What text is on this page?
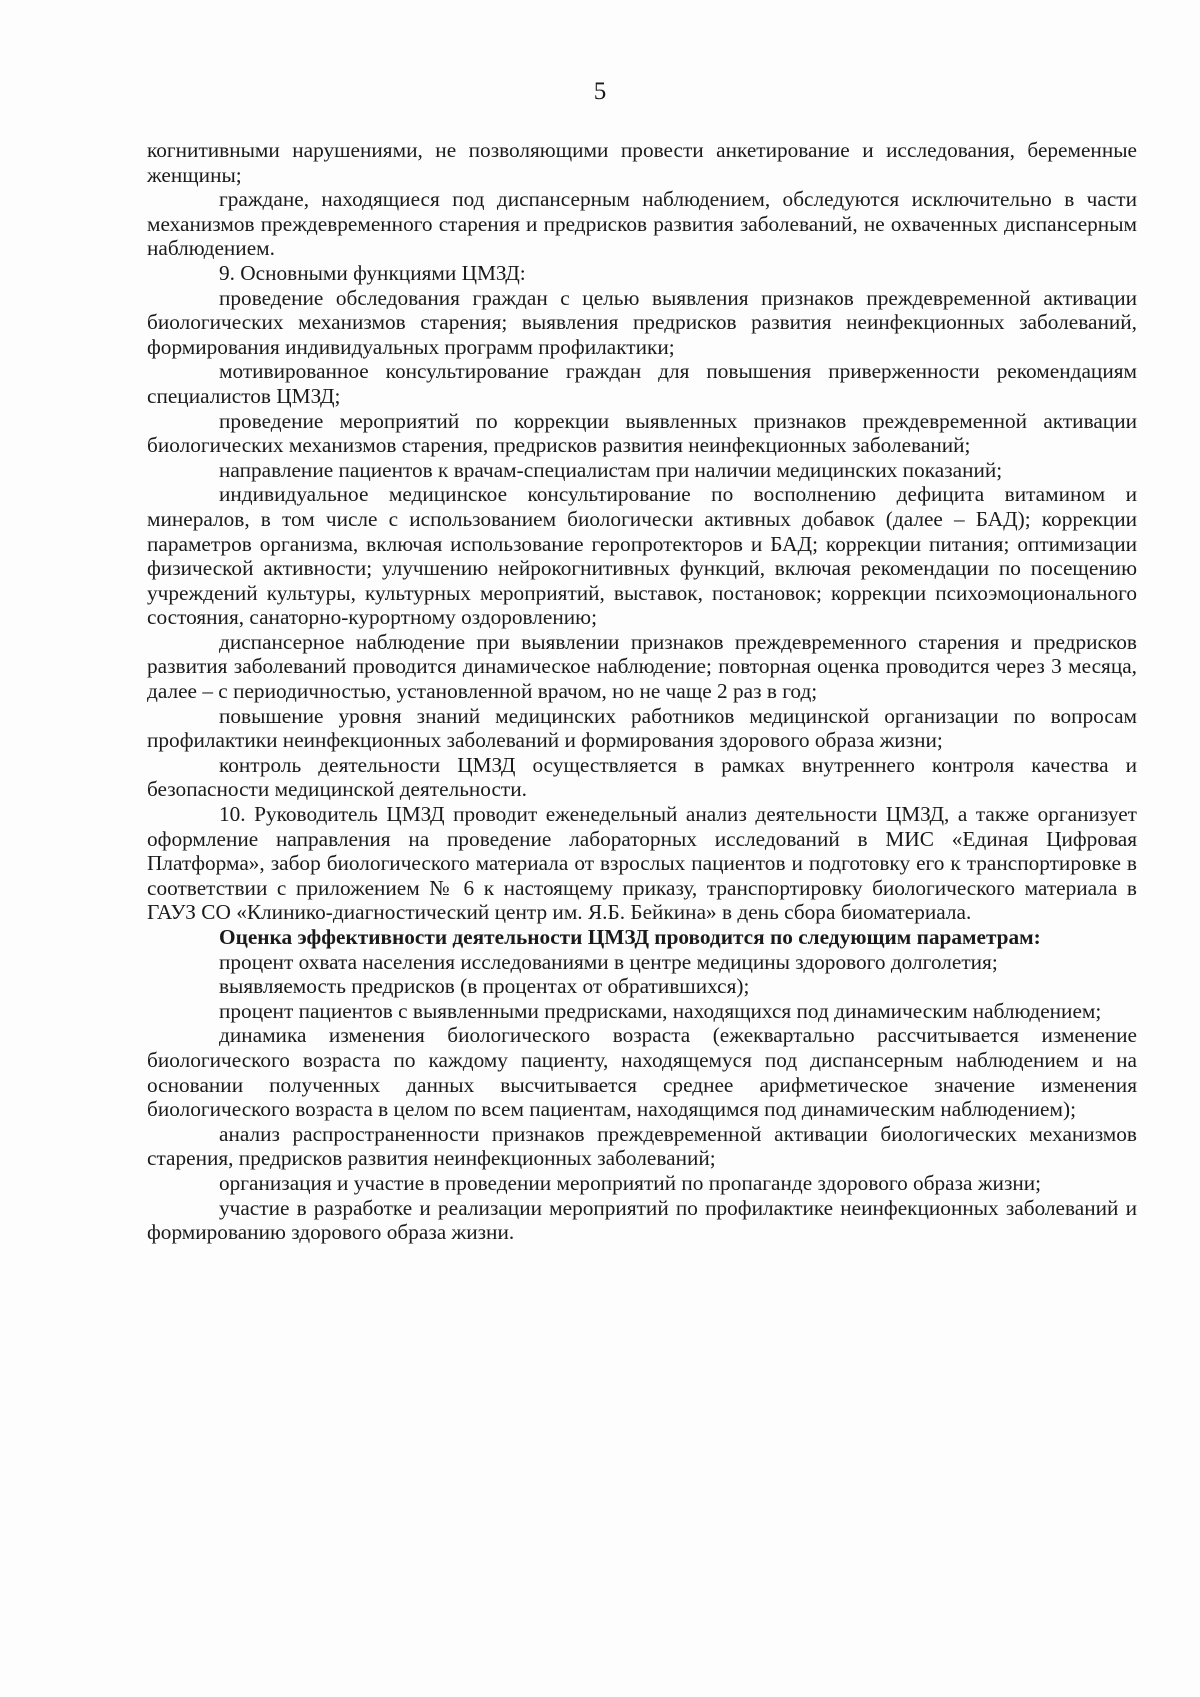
5

когнитивными нарушениями, не позволяющими провести анкетирование и исследования, беременные женщины;

граждане, находящиеся под диспансерным наблюдением, обследуются исключительно в части механизмов преждевременного старения и предрисков развития заболеваний, не охваченных диспансерным наблюдением.

9. Основными функциями ЦМЗД:

проведение обследования граждан с целью выявления признаков преждевременной активации биологических механизмов старения; выявления предрисков развития неинфекционных заболеваний, формирования индивидуальных программ профилактики;

мотивированное консультирование граждан для повышения приверженности рекомендациям специалистов ЦМЗД;

проведение мероприятий по коррекции выявленных признаков преждевременной активации биологических механизмов старения, предрисков развития неинфекционных заболеваний;

направление пациентов к врачам-специалистам при наличии медицинских показаний;

индивидуальное медицинское консультирование по восполнению дефицита витамином и минералов, в том числе с использованием биологически активных добавок (далее – БАД); коррекции параметров организма, включая использование геропротекторов и БАД; коррекции питания; оптимизации физической активности; улучшению нейрокогнитивных функций, включая рекомендации по посещению учреждений культуры, культурных мероприятий, выставок, постановок; коррекции психоэмоционального состояния, санаторно-курортному оздоровлению;

диспансерное наблюдение при выявлении признаков преждевременного старения и предрисков развития заболеваний проводится динамическое наблюдение; повторная оценка проводится через 3 месяца, далее – с периодичностью, установленной врачом, но не чаще 2 раз в год;

повышение уровня знаний медицинских работников медицинской организации по вопросам профилактики неинфекционных заболеваний и формирования здорового образа жизни;

контроль деятельности ЦМЗД осуществляется в рамках внутреннего контроля качества и безопасности медицинской деятельности.

10. Руководитель ЦМЗД проводит еженедельный анализ деятельности ЦМЗД, а также организует оформление направления на проведение лабораторных исследований в МИС «Единая Цифровая Платформа», забор биологического материала от взрослых пациентов и подготовку его к транспортировке в соответствии с приложением № 6 к настоящему приказу, транспортировку биологического материала в ГАУЗ СО «Клинико-диагностический центр им. Я.Б. Бейкина» в день сбора биоматериала.

Оценка эффективности деятельности ЦМЗД проводится по следующим параметрам:

процент охвата населения исследованиями в центре медицины здорового долголетия;

выявляемость предрисков (в процентах от обратившихся);

процент пациентов с выявленными предрисками, находящихся под динамическим наблюдением;

динамика изменения биологического возраста (ежеквартально рассчитывается изменение биологического возраста по каждому пациенту, находящемуся под диспансерным наблюдением и на основании полученных данных высчитывается среднее арифметическое значение изменения биологического возраста в целом по всем пациентам, находящимся под динамическим наблюдением);

анализ распространенности признаков преждевременной активации биологических механизмов старения, предрисков развития неинфекционных заболеваний;

организация и участие в проведении мероприятий по пропаганде здорового образа жизни;

участие в разработке и реализации мероприятий по профилактике неинфекционных заболеваний и формированию здорового образа жизни.
